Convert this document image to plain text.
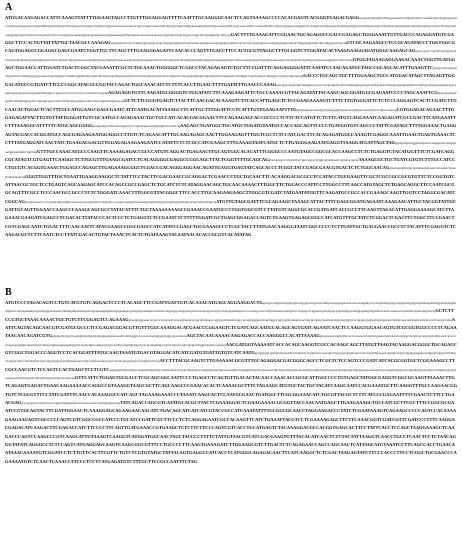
A
ATGGACAAGAGACCATTCAAAGTTATTTTGGAAGTAGCCTTGTTTGGAGGAGTTTTCAATTTGCAAGGGCAACTCCAGTAAAAGCCCCACACGAGTCACGGGTGAGACGAGGgtaagaattttgtagttttctttttggaaaattttacttttgtaatttgttttccatattttcgtttcattggaagatattttcacttgaaaatttggaaatcattagaattttttaagttctttgatgctttttcgtttaaatcatcgtagcctatgttttctcggaaaactttaaaatcaatcacagcacaagtccaaatcaatttcggaagcttagtcatttggataatagttgttgaattttgacaattgaatttttcaagcaaaccttatttcccattaatttcatttccatgcacgtggaaacaaggttttcttcaaaggtctatattgtaaatgcttcgttttgaattggaatcactgttgaacaagcctattgttaaccgttgtttgttgtcatgtttgacagaagcacttgccttcaatgcaattcagtggtttgctgatcttttacaacttctgcttgtacatttccaacgagacacttatatatggtatcgatatgaaaacaagattttaaagctttttgcatgtttacatcttaataaagaaaacatgaatgtttaatgcatgttaacttggcttttctgatttggttgtcttttgcagGACTTTTGAAAGATTCGGAACTGCAGAGGCCGACCGAGAGCTGGGAAATTGTTGACCCAGAGGATGTCGAGGCTTCCACTGTTATTATTGCTAACGCCAAAGAGgtgagttgatctcaatctcatttttgtgcaaaagcatagtctttgagacatgatattttcgataaatttcagtttgttaacatgaagagtgcatttttacagctactaatcgagaagttatacatatgatgtaagttcatgcatctttggtatggtatttgctttttcttggtgatttcttgcagGTCGCAAGAAGCCTCCGCAGATACCCTGGTGGCGCAGTGGAGGCGGAGGCGAGCGAATCTGGTTGCTTCAGCTTTGAAGGGAGATTCAACACCCAGTTTGACCTTCCACTGCGTTAGGCTTTGCGGTCTTGGATACACTAAGGAAGGAGATGGGCAAGAGCAGgtaaacgaatccagcttttaattcggtatatttcttgaaaatgctgaatttgcttgtagttttgtaatccttacctgaaaacttgcgattaaacaaaagtgttttgaaagtttgttgttcaaatcaaaagaattagaatcagatgctctttaaccattctgtgaaacttttatttatgtaatatgttcgtggaataaagaatgttaagaccttatctaaaagaagagcttctgtttgaaattaaaagtcatacatttgcatcatgttttgacatagtcaaaaggtattacattttcttcaagGTGGTAGAAGAGGAAGACAAACTGGTTGATGGAGCTGGAACCATTGGATCTGACTCGGCTACGAAATTCGCTCTGCAAACTGGGGGCTCGGCCTACAGAGAGTCTGCTTCCGATTTCAGGAGGGGATTCAATATCCAACAGATGCTAGCCGCAGCACATTTGAAGTTCgtaagacttgctgaaagcttgtctttttctccattttttgcgctggcaaaactcgatctggaacctaaattttcggttatattgcatatttatttcatgttcagatattgaaattcttgtttctttctgttcttgacgtatattcaactcttttgacttcctagcgagattgctgtacagaatgaaactttatgtgaaaccttttttgagccagacttgtgactctgttgagccagattgcatgtctaaaagGACCCTGCAGCTGCTTTGGAAGCTGCCATGGACATAGCTTAGAGTTGGGACATGCCGTGATCTTCCCCGGCATACGCCGGTACCAGACTGGCAAACATCTCTTTCACCTTGAACTTTTGATATTTGAACCCAAAGgtactgaacatgattttgtcttaatgttaaaacactctgagtattgattcattttctagtttgtgttgttcttgaaactttgtagatatctttgtgaagaatgaatgtttcttcagtttgacattatgaaaaaaatcagacattgtttagaaaataaaaaactgtaatattatttgtgtacctgaacttctcatcactcatttccacatttcatcttcagaagAGAGAGGTGTTCAAGATGCGGGGTCTGGATATCTTCAAAGAAGATTCTGCCAAAACGTTACAGATATTACAAGCAGCGGATGGCGAGAATCCCCTAGCAAATTCGgtaaatgtgatgtttgagtttcagttgtttagtttgctttcctgtatgtcgaaccaattcctttttgcgttgcgtattacattttccttcttcttgttaattttgtaaacagGCTCTTCGGGTGAGTCTTACTTCAACGACACAAAGTCTTCACCATTGAGCTCTCCGAAGAAAAGTCTTTCTTGTGGGATTCTCTCCCAGGAGTCACTCCGATCTTGCAACACTGGACTCACTTTGCCATGGAAGCGAGCGAATCATTCAATGACATTAAAGCTTCATTGCTTTGGATTCCTCATTTGTTGAAGAATTTTGgtttgtatgtaatctatattggctgatgagggtttgtaatcttctgtttgatcaacttgaatcctctgtttacatacagCGTGGAGACAGAACTTTGGAGAGATTACTTGTGTTATTGGGATTGTCGCAATGCCAGAGAAACTGCTGCCATCACACGACGGAACTTCCAGAAGAGCACCGCCCCTCTTCTCCATGTTCTCTTCATGTCAGGAAATCAAGAGATCGCCGACTTCATGAAATTCTTTAAAGGCATTTTTCATGCAGCGGGGgtaagaattgcattatactttctggatactcccagtttacgaaaaagttgtttgttttttcatttttcagAAGAGCTGATGGCTGCATGCTGGATGTAATGCCACCAGCAGTTCCCCTGATGGTGTCAGCCCTATTCGATAGCTTTTGGAAACTGAGGAGTACGACCACGGATGCCAGCGAGAAGAATGGAGGCCTTGTCTCAGAACATTTGCAAGAGAGCAACTTGGAAGAGTTTGGTCGCTCTCCATCGACTTCACAGAGATGGCCAAAGTCGAGGCAAATTGAACTGAGTGAAACTCCTTTATGAGGATCAACTATCTGAAGACGACGTTGGAGAGAAGAAGAATCCATATTCTCTCGCCATCGAAGCTTTGAAAGTAATCATGCTCTTGAGGGAAGAATGAGGTTAAGGATGATTAGCTAGgtgagcttgttttagggttttagaatctcaaaaacaatcctttgaaaaattgtttcatttttttttcttgttttagGTTTGCCAAACATGCCCAAGTTCAAAAGAGACCGCCCATGTCAGGACTGAGAACTTGCAGTGGCACACATTTCGGGCCCAATGTAGCCGGCGCACCAAGCCTCTCTGAGGTCTACATGGTTTCTCGATCAGGCGCATAGTCGTGAGTTCAAGGCTCTTGCGTTTGAAGCGATCCTCACAGGGGCGAGGCCGGCAGCTTACTCGGTTTTGCAGCAGgtatcatggatcctcttgctttttctctgttcagagcttgtgttcagtttgtaactccgttttcacagcagTAAAGCGCTGCTGATCGTGTCTTTGCCATCCCTGCGTCACGGTGAAACTGGAGCCAGAGCTTGAGAAAGCGGCTCGACCGACAGGGAGGAACAGATTGAGGTGAGTATCAGCACCCTCGGCTACCGAGCGAACGTGACTCTCTGGCAACAGgtaaaagatgttttgtgctgattgaagttttaaaactttcaaatttctgaaagcatttgttaattcagGGGTTGGTTTGCTGAATTGAAGGAAGGCTCTATTTCCTACTTCGACGAACCGCAGGACTCGAACCCTGCTGCAACTTCACAAGGACGCGCCTCCATACCTGCGAAGTTCGCTCGCCGCCGCGTGTTCTCCGGTGTCATTAACGCTGCTCCTGAGTCAGCAAGAGCATCCACAGCCGCCGAGCTCTGCATCTCTCATAGGAACAGCTGCAACAAAACTTTGGCTTCTGGACCCATTCCTTGGCCTTCAACCATGTAGCTCTGAGCAGGCTTCCAATCGCGGCAGTTTCGCCTCCCAACGCCGCCCTCTCTGGGATCAAACTTTGGCGTTACGGGCTTCCACCTTGCAAGAAGAAGCTTGGCGTCGATCTATGAATATGGTTCAAGATGCCGCCACCGAAAGCAAGTTGGTCCTAGGCGACATCCGGCAGgttagttcttaaacccctcgtaatctgttgtttgtttcaatcaaaacgcatgatttatctctttgtattttcccaagtacaatgtgtctgaaaaatgtttgttttcttggcgctttgtttggtatattatgcttctgcttttttctcttttgcagATGTTGTAGCGATTTCGCAGAAGCTAAAGCATTACTTTCGAGCGGATGAGAATCAAAGAACATTGCTACGGTATTGCGATTGCAGTTGGAACCAAGCCCAAAGCAGCGCCTATACATTTCTGCTAAAAAAAAGCCGAAACCGAATGCCCTGGTGGCGTCCTTATGTCAGGCGCACCGATGATCACCGCCTTCAAGTTAGACATTGAGGAAAAGCATCTTAGAAACGAAGATCGAGCCTCGACACTTATACCCACTCCCTCTGAGGTCTCCGAATCTCTTTTTGGATCGCTGAGCGGAGACCAGTCTGAAGTGAGAGCGGCCATCATGTTTGCTATCTCGGACTCGACTTCTGGCTTCCGAACTCGTCGAGCAATCTGGACTTTCAACAATTCATACGAAGCCGGCGAGCCATCATATCCGAGCTGCGAAAGCCCTCGCTACCTTATGAACAAGGGTAATCGGCCCCCTCTTGATTGCTGACGAACCGCCTCTACATTTCGAGGTCTCAAGACGCTCTTCAATCTCCTTATCGACACTGTACTAAACTCACTCTGATAAAGTACAATAACACACCGCGTCACATATAG
B
ATGTCCCTAGACAGTCCTGTCATGTGTCAGGACTCCCTCACAGCTTCCGATTGATTGTCACAAACATGAGCAGGAAGGACTGgtaagtccttttgtttcttttgttttagtttcttggtgtatcttgacatcattttgcaaagagagtaaaatcaatcaaaagttttgcttcctttgtaattgtgctgtctagagcttttgtgtgtttgatattagaatttttggaatttaaaggtttttttgtttctcttagagaaaaagctgaatgtgggaaaaaaatctttaagtgtttttaaaatagatctttgcataaagtagaattatgtgaaatgacgatttgatgctaatagaaccttttatttcattgaaggcaaagaaaagtttcacttcaaatgcacactgccttcttgtgattaaagaacccacaatagcataccatgtcaaaaaaacaatttgttaccctagagcctctggaactgttatatgagcgagattttgtgacatttggagaatgttttgattttcacatcttcaaattcatcgttatttatctgaattatttgttttcagGCTCTTCCGTGCTAAACAAAACTGCTGTCTTCGGAGTCCAGAAAGgtaaggtaggaaatcatctgtctcttctttcacttgcaaatgttaagaatcggctgtatgaagccagtctgcttgttaatttgagccgcatgttgaggatctttagtttggctctgtgaagtgattaagtaaactttgctgctgcagtaaatttaatctgtcatagttgtgcatcgaaggcgagtgatttgatgttgagtctgtttgcaaacattcttagttatcttgtccctcttttaacgttcatagAATTCAGTACAGCAACGTCGATGCGCCCTCCGAGACGGACGTTGTTTGGCAAAGGACACGAACCCGGAAGTCTCGATCAGCAATGCACAGCAGTGATCAGAATCAACTCCAAGGTGGAACAGTGTCGCGGTGGCCCCTCAGAATAACAACAGATCGTGgtgagtctttcatgctttaagtgttttaatttgatgatgatgtgatgaaataaattttcttttttgggttctccatcactaattggagtctatgttcgtaaatacagAGCTACAACAAAACAAGAGACCACCAAGGGCCACATTAAAAGgtaagaaaacatgttgttttttcacctcaaatactctctgtttctgaaaactgtctatatctcttgtggctttctgttcgcattgtcgctattttgaatctcgtacatcacgaatgcgaggtcttaaatttagctctttttgtcagttgaagagagtttggctatcctgatctgttccatgtgcgtctgccaattttgaaagttgttgtgactgatcgcttatgttttgaccgttctatgactacagtctgagtactttggttttaaattcccgtgtagAACGATGGTAAAAATCACCACAGCAAGGTCGCCACAAGCAGCTTATGTTAAGTACAAGGACGGGCTGCAGAGCGTCGGCTGGACCCAGGTCCTCACGGATTTATGCAAGTAAATGTGACGTAGGACATCATCGATGTGATTGTGTCATCAATGgtaagtgagtcgatttgtatagtaatttttacttagtttcttctcggtacttccaactagtccttgcgcacaatgtttcattccaatcactgtttttgaaaaacagtttgtcaaagcctggatgttagagtcattttgttgtcagtgcactttttatgcttcgtgatatttccctttcattgttatctcgcctgtgctgtgaacgcgttgtaaactatccttgcaatattaacaataacagccattattcagcgaaatgccctattgtttttctttcagACCTTTACGCAAGTCTTGAAAAACGCGTTTGCAGAGGACGACGGGCAGCCTCGCTCTCCAGTCCCGATCATCACGCGGTGCTCGGAAAGCCTTCGCCAACGTCTCCAGTCCACTGAGCTCCTCGTCgtgagtgttttttgacaattgcaaagatatttgtgttttgccaatttacataacacgagctttttgttgcacaagtgtgtactgttttgcaatcttttgtttcattgaggttttctgctttcgaaaagactgtctttgactttgcgatacatcttaatttgcatggtttagttttatgtaactgattgttgtgctttgcagaaagcattatttaactgcaatgatttagatgctaccgtgattgtgtcgactgtgccctttgtttttggcgatacatgaaactgttttacttgtttttctgtctgtttttgtaacttttgctctctatacagGTTCATTCTGGAGTGCGACCTCGCAGCGGCAATTCCCTGAGCCTCAGTGTTGACACTACAACCAAACACCGCGCATTGGCCCCTGTGAGCTATGGCGAGGTCGGCGCAAGTTAAAACTTGTCAGAGTGAGACTGAACAAGAAAAACCAGGCCGTAAAGGTAAGCGCTTCAGCAAGCCCGAACACACTCAAAACGCTTTCTAGAAGCATGTGCTACTGCTACATCAAGCAATCCACGAAATGCTTCAAGGTTTGCCAAGAACGGTGTCTCGCGTTTCCTATCGATTTCAACCACAAAGGCCATCAGCTAGAAAGAAACCCTAAATCAAGCACTCCAATGCGAACTGATGGCTTCGCGGAAACATCTGCGTTACGCTCTTCATCCCGAGAATTTTCGAACTCTTCCTGAACGAGgtacgatgatcacaacttcacatccagtttttttggtgatttacactaaaaacaatttcaatttttgaagtttacagTATCAGACCAGCGTCATATGCACGCTTACTCGAAAGGACTCGAAGAAAACGCGGTTACCAACAATGAGCTTGAAGAAAGCTGCCATCGCTTCGCTTTCCGGCGCGAATCCGTGCAGTACTTCGATTGGAACTCAAAGGAGCAGAAGAACAACATCTGACAGCATCATCATCGTACCGCCATCAAATATTTTGCGGCGCAACCTAGGAAGACCCTATCTCGAATAAAGTCAGAAGCCCCCAGTCCACAAAAGAAGAAGAGTCGCCCCCAGTCGTCGGCCGCCATCCCTGCATCCGATTCGCTTCCCTCTCAGGAGAATCGCCACAAGTTCATCTGAAATTACGTCCTCGAAAAGAGCTTCTTCAAACGGTCGATCGTTCGATCCCTTTCAAGGACGAGACATCAAGACTTCGAGACCATCTTCCCCTTCAGTTGATGAAACCGTGAAGCTCTCTTCTTCCCAGTCGTCACCTGCATGAGTCTACAAAGGACGCCACGGTGAGCACTTCCTATTCACCTCCAGCTAAGGAAAGCTCAAGACCCAGTCCAAGCCCGTCAAGCATTGTAAAGTCAAGGTCATGGATGGCAACTAGCTACCCCTTTTCTATTGTAACGTCATCGACGAAGTGTTTACACATCAACTCTCTACTATTAAGGTCAACCTGCCTCAACTCCTCTAACAGGGTATATCAGGGCCTCTCCAGTCATGAGGAGCAAGTCAAGCGGCGTTTCCTGCCCCTTCAAGTGAAAGATCTTGGAAGCGTCTTGACTCTCAGAGAACCAGCCAGCAACTCATTAGCATGTAAATCCTTCAGCCACCTGAACAATAAACAAAATGTCGGATCCTCTTGTTCACTTCGTTCTGTCTCGTGTATGCTATTACAGTGAGGCCATCACCTCATGGGCAGAGACAACTTCATCAAGGCTCTCGACTAAGAGTATCTTCCCACCCTTCCTCGGCTGCGAACCCAGAAAATGTCTCAACTCAAACCTTCCCTCCTCATGAGATGTCTTTGCTTCCGCCAATTTCTAG
